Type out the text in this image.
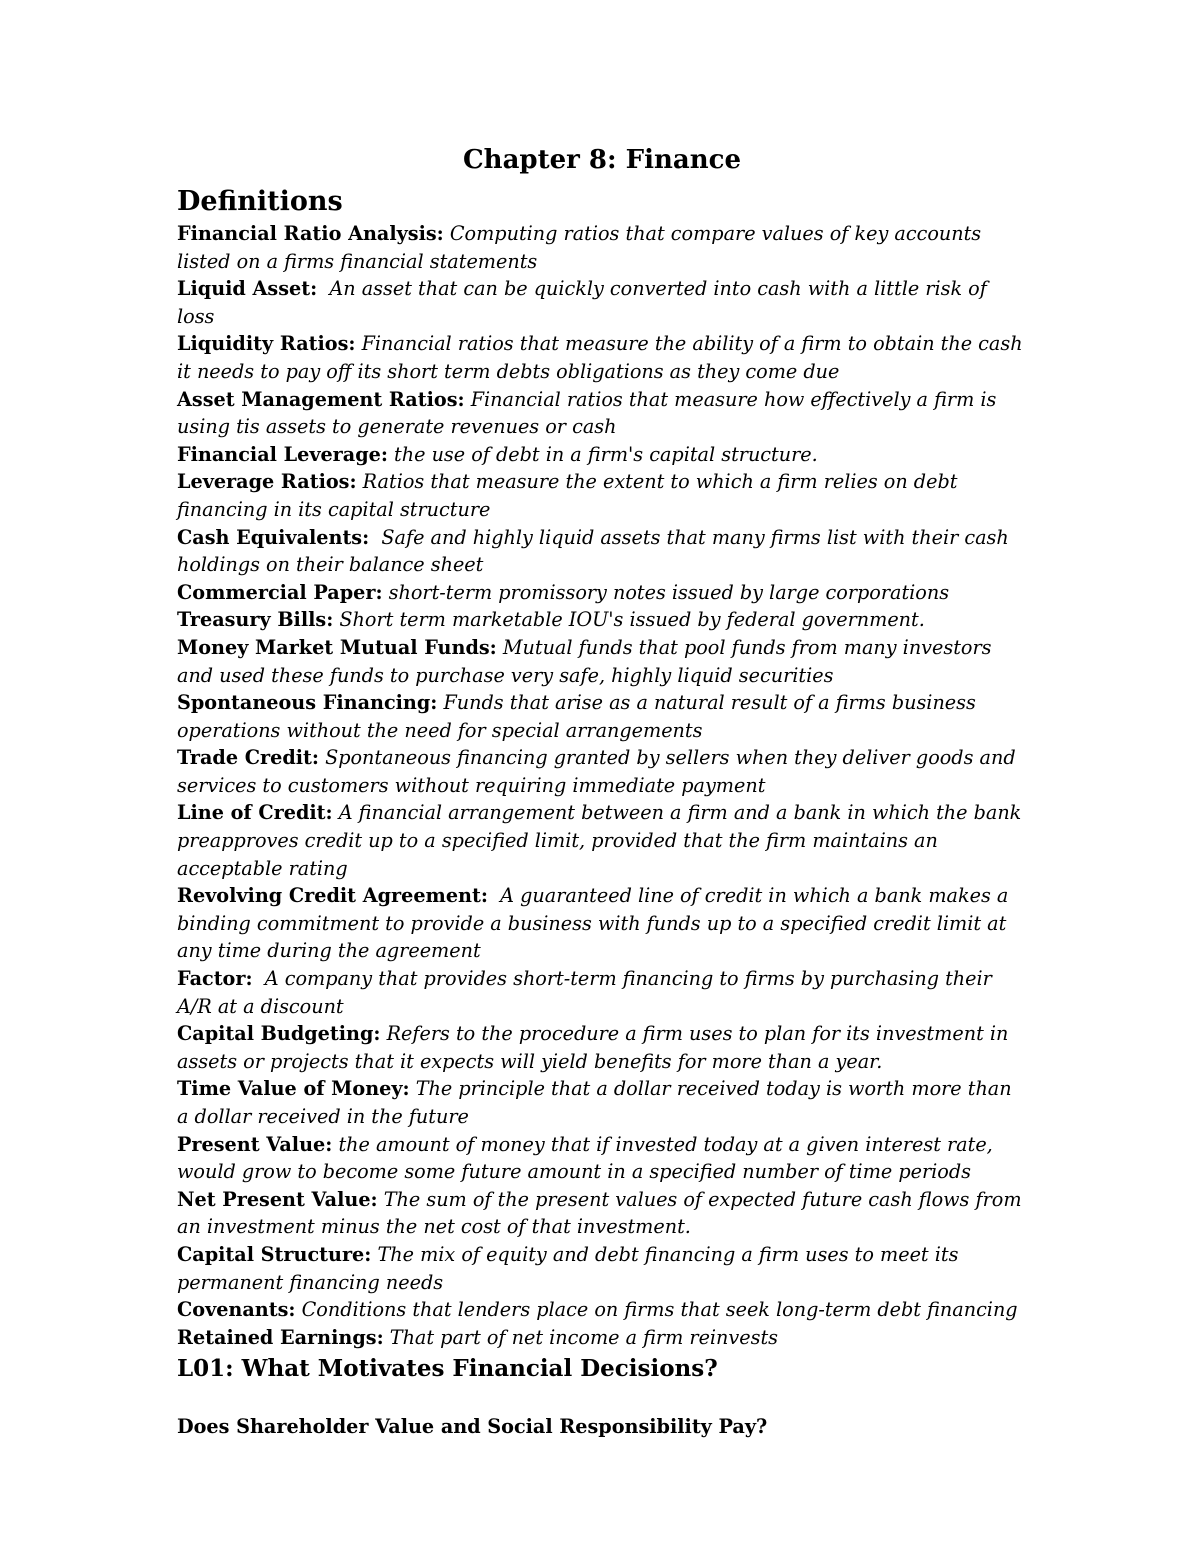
Chapter 8: Finance
Definitions

Financial Ratio Analysis: Computing ratios that compare values of key accounts listed on a firms financial statements

Liquid Asset: An asset that can be quickly converted into cash with a little risk of loss

Liquidity Ratios: Financial ratios that measure the ability of a firm to obtain the cash it needs to pay off its short term debts obligations as they come due

Asset Management Ratios: Financial ratios that measure how effectively a firm is using tis assets to generate revenues or cash

Financial Leverage: the use of debt in a firm's capital structure.

Leverage Ratios: Ratios that measure the extent to which a firm relies on debt financing in its capital structure

Cash Equivalents: Safe and highly liquid assets that many firms list with their cash holdings on their balance sheet

Commercial Paper: short-term promissory notes issued by large corporations

Treasury Bills: Short term marketable IOU's issued by federal government.

Money Market Mutual Funds: Mutual funds that pool funds from many investors and used these funds to purchase very safe, highly liquid securities

Spontaneous Financing: Funds that arise as a natural result of a firms business operations without the need for special arrangements

Trade Credit: Spontaneous financing granted by sellers when they deliver goods and services to customers without requiring immediate payment

Line of Credit: A financial arrangement between a firm and a bank in which the bank preapproves credit up to a specified limit, provided that the firm maintains an acceptable rating

Revolving Credit Agreement: A guaranteed line of credit in which a bank makes a binding commitment to provide a business with funds up to a specified credit limit at any time during the agreement

Factor: A company that provides short-term financing to firms by purchasing their A/R at a discount

Capital Budgeting: Refers to the procedure a firm uses to plan for its investment in assets or projects that it expects will yield benefits for more than a year.

Time Value of Money: The principle that a dollar received today is worth more than a dollar received in the future

Present Value: the amount of money that if invested today at a given interest rate, would grow to become some future amount in a specified number of time periods

Net Present Value: The sum of the present values of expected future cash flows from an investment minus the net cost of that investment.

Capital Structure: The mix of equity and debt financing a firm uses to meet its permanent financing needs

Covenants: Conditions that lenders place on firms that seek long-term debt financing

Retained Earnings: That part of net income a firm reinvests

L01: What Motivates Financial Decisions?
Does Shareholder Value and Social Responsibility Pay?
